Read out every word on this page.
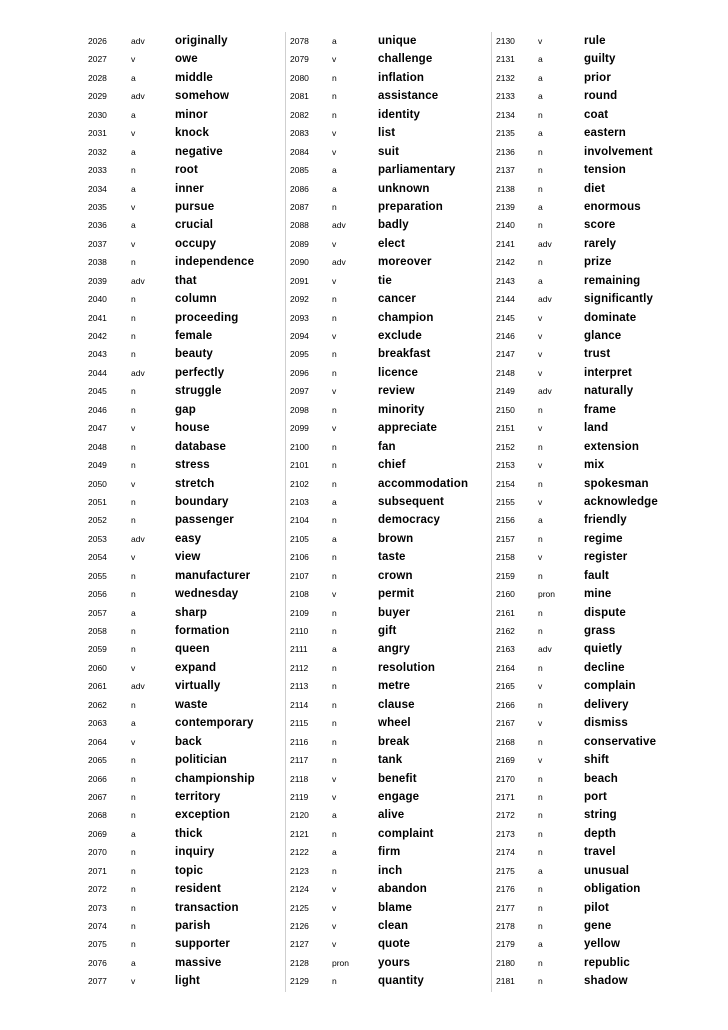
2026	adv	originally
2027	v	owe
2028	a	middle
2029	adv	somehow
2030	a	minor
2031	v	knock
2032	a	negative
2033	n	root
2034	a	inner
2035	v	pursue
2036	a	crucial
2037	v	occupy
2038	n	independence
2039	adv	that
2040	n	column
2041	n	proceeding
2042	n	female
2043	n	beauty
2044	adv	perfectly
2045	n	struggle
2046	n	gap
2047	v	house
2048	n	database
2049	n	stress
2050	v	stretch
2051	n	boundary
2052	n	passenger
2053	adv	easy
2054	v	view
2055	n	manufacturer
2056	n	wednesday
2057	a	sharp
2058	n	formation
2059	n	queen
2060	v	expand
2061	adv	virtually
2062	n	waste
2063	a	contemporary
2064	v	back
2065	n	politician
2066	n	championship
2067	n	territory
2068	n	exception
2069	a	thick
2070	n	inquiry
2071	n	topic
2072	n	resident
2073	n	transaction
2074	n	parish
2075	n	supporter
2076	a	massive
2077	v	light
2078	a	unique
2079	v	challenge
2080	n	inflation
2081	n	assistance
2082	n	identity
2083	v	list
2084	v	suit
2085	a	parliamentary
2086	a	unknown
2087	n	preparation
2088	adv	badly
2089	v	elect
2090	adv	moreover
2091	v	tie
2092	n	cancer
2093	n	champion
2094	v	exclude
2095	n	breakfast
2096	n	licence
2097	v	review
2098	n	minority
2099	v	appreciate
2100	n	fan
2101	n	chief
2102	n	accommodation
2103	a	subsequent
2104	n	democracy
2105	a	brown
2106	n	taste
2107	n	crown
2108	v	permit
2109	n	buyer
2110	n	gift
2111	a	angry
2112	n	resolution
2113	n	metre
2114	n	clause
2115	n	wheel
2116	n	break
2117	n	tank
2118	v	benefit
2119	v	engage
2120	a	alive
2121	n	complaint
2122	a	firm
2123	n	inch
2124	v	abandon
2125	v	blame
2126	v	clean
2127	v	quote
2128	pron	yours
2129	n	quantity
2130	v	rule
2131	a	guilty
2132	a	prior
2133	a	round
2134	n	coat
2135	a	eastern
2136	n	involvement
2137	n	tension
2138	n	diet
2139	a	enormous
2140	n	score
2141	adv	rarely
2142	n	prize
2143	a	remaining
2144	adv	significantly
2145	v	dominate
2146	v	glance
2147	v	trust
2148	v	interpret
2149	adv	naturally
2150	n	frame
2151	v	land
2152	n	extension
2153	v	mix
2154	n	spokesman
2155	v	acknowledge
2156	a	friendly
2157	n	regime
2158	v	register
2159	n	fault
2160	pron	mine
2161	n	dispute
2162	n	grass
2163	adv	quietly
2164	n	decline
2165	v	complain
2166	n	delivery
2167	v	dismiss
2168	n	conservative
2169	v	shift
2170	n	beach
2171	n	port
2172	n	string
2173	n	depth
2174	n	travel
2175	a	unusual
2176	n	obligation
2177	n	pilot
2178	n	gene
2179	a	yellow
2180	n	republic
2181	n	shadow
